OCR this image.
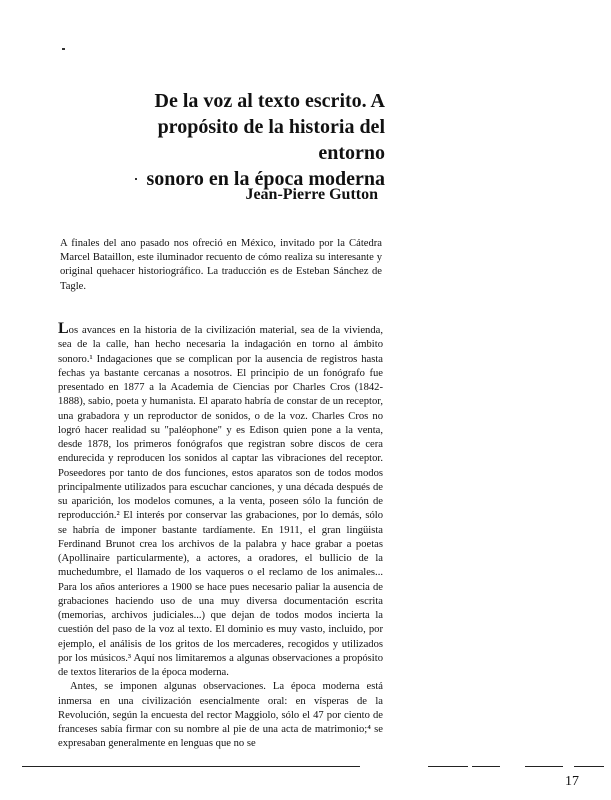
De la voz al texto escrito. A
propósito de la historia del entorno
sonoro en la época moderna
Jean-Pierre Gutton
A finales del ano pasado nos ofreció en México, invitado por la Cátedra Marcel Bataillon, este iluminador recuento de cómo realiza su interesante y original quehacer historiográfico. La traducción es de Esteban Sánchez de Tagle.

Los avances en la historia de la civilización material, sea de la vivienda, sea de la calle, han hecho necesaria la indagación en torno al ámbito sonoro.¹ Indagaciones que se complican por la ausencia de registros hasta fechas ya bastante cercanas a nosotros. El principio de un fonógrafo fue presentado en 1877 a la Academia de Ciencias por Charles Cros (1842-1888), sabio, poeta y humanista. El aparato habría de constar de un receptor, una grabadora y un reproductor de sonidos, o de la voz. Charles Cros no logró hacer realidad su "paléophone" y es Edison quien pone a la venta, desde 1878, los primeros fonógrafos que registran sobre discos de cera endurecida y reproducen los sonidos al captar las vibraciones del receptor. Poseedores por tanto de dos funciones, estos aparatos son de todos modos principalmente utilizados para escuchar canciones, y una década después de su aparición, los modelos comunes, a la venta, poseen sólo la función de reproducción.² El interés por conservar las grabaciones, por lo demás, sólo se habría de imponer bastante tardíamente. En 1911, el gran lingüista Ferdinand Brunot crea los archivos de la palabra y hace grabar a poetas (Apollinaire particularmente), a actores, a oradores, el bullicio de la muchedumbre, el llamado de los vaqueros o el reclamo de los animales... Para los años anteriores a 1900 se hace pues necesario paliar la ausencia de grabaciones haciendo uso de una muy diversa documentación escrita (memorias, archivos judiciales...) que dejan de todos modos incierta la cuestión del paso de la voz al texto. El dominio es muy vasto, incluido, por ejemplo, el análisis de los gritos de los mercaderes, recogidos y utilizados por los músicos.³ Aquí nos limitaremos a algunas observaciones a propósito de textos literarios de la época moderna.

Antes, se imponen algunas observaciones. La época moderna está inmersa en una civilización esencialmente oral: en vísperas de la Revolución, según la encuesta del rector Maggiolo, sólo el 47 por ciento de franceses sabía firmar con su nombre al pie de una acta de matrimonio;⁴ se expresaban generalmente en lenguas que no se

17
